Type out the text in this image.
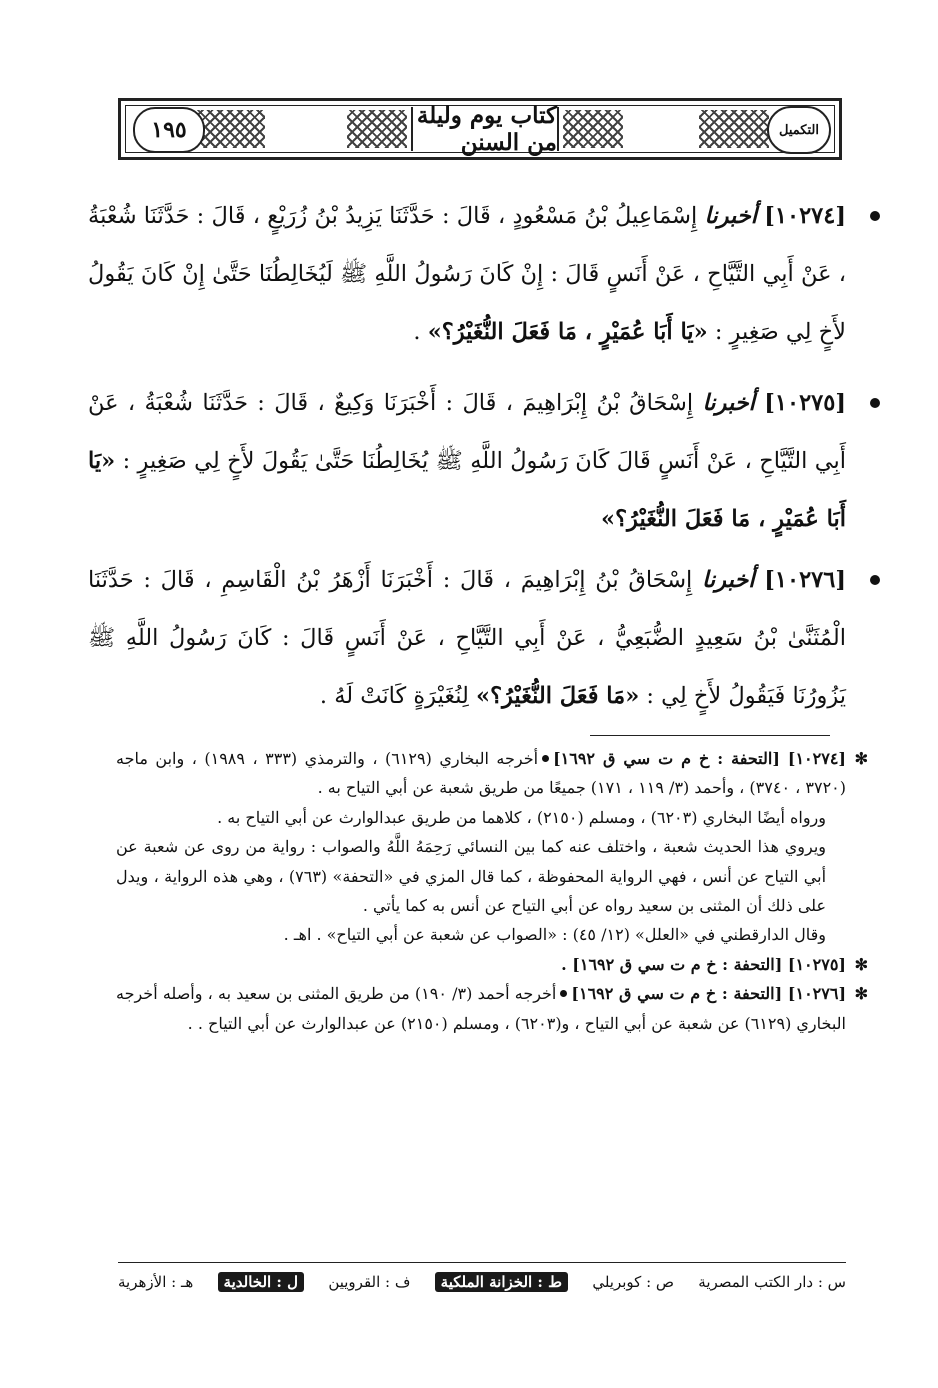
كتاب يوم وليلة من السنن
١٩٥	التكميل
[١٠٢٧٤] أخبرنا إِسْمَاعِيلُ بْنُ مَسْعُودٍ ، قَالَ : حَدَّثَنَا يَزِيدُ بْنُ زُرَيْعٍ ، قَالَ : حَدَّثَنَا شُعْبَةُ ، عَنْ أَبِي التَّيَّاحِ ، عَنْ أَنَسٍ قَالَ : إِنْ كَانَ رَسُولُ اللَّهِ ﷺ لَيُخَالِطُنَا حَتَّىٰ إِنْ كَانَ يَقُولُ لأَخٍ لِي صَغِيرٍ : «يَا أَبَا عُمَيْرٍ ، مَا فَعَلَ النُّغَيْرُ؟» .
[١٠٢٧٥] أخبرنا إِسْحَاقُ بْنُ إِبْرَاهِيمَ ، قَالَ : أَخْبَرَنَا وَكِيعٌ ، قَالَ : حَدَّثَنَا شُعْبَةُ ، عَنْ أَبِي التَّيَّاحِ ، عَنْ أَنَسٍ قَالَ كَانَ رَسُولُ اللَّهِ ﷺ يُخَالِطُنَا حَتَّىٰ يَقُولَ لأَخٍ لِي صَغِيرٍ : «يَا أَبَا عُمَيْرٍ ، مَا فَعَلَ النُّغَيْرُ؟»
[١٠٢٧٦] أخبرنا إِسْحَاقُ بْنُ إِبْرَاهِيمَ ، قَالَ : أَخْبَرَنَا أَزْهَرُ بْنُ الْقَاسِمِ ، قَالَ : حَدَّثَنَا الْمُثَنَّىٰ بْنُ سَعِيدٍ الضُّبَعِيُّ ، عَنْ أَبِي التَّيَّاحِ ، عَنْ أَنَسٍ قَالَ : كَانَ رَسُولُ اللَّهِ ﷺ يَزُورُنَا فَيَقُولُ لأَخٍ لِي : «مَا فَعَلَ النُّغَيْرُ؟» لِنُغَيْرَةٍ كَانَتْ لَهُ .
✻

[١٠٢٧٤] [التحفة : خ م ت سي ق ١٦٩٢]أخرجه البخاري (٦١٢٩) ، والترمذي (٣٣٣ ، ١٩٨٩) ، وابن ماجه (٣٧٢٠ ، ٣٧٤٠) ، وأحمد (٣/ ١١٩ ، ١٧١) جميعًا من طريق شعبة عن أبي التياح به .

ورواه أيضًا البخاري (٦٢٠٣) ، ومسلم (٢١٥٠) ، كلاهما من طريق عبدالوارث عن أبي التياح به .

ويروي هذا الحديث شعبة ، واختلف عنه كما بين النسائي رَحِمَهُ اللَّهُ والصواب : رواية من روى عن شعبة عن أبي التياح عن أنس ، فهي الرواية المحفوظة ، كما قال المزي في «التحفة» (٧٦٣) ، وهي هذه الرواية ، ويدل على ذلك أن المثنى بن سعيد رواه عن أبي التياح عن أنس به كما يأتي .

وقال الدارقطني في «العلل» (١٢/ ٤٥) : «الصواب عن شعبة عن أبي التياح» . اهـ .

✻

[١٠٢٧٥] [التحفة : خ م ت سي ق ١٦٩٢] .

✻

[١٠٢٧٦] [التحفة : خ م ت سي ق ١٦٩٢]أخرجه أحمد (٣/ ١٩٠) من طريق المثنى بن سعيد به ، وأصله أخرجه البخاري (٦١٢٩) عن شعبة عن أبي التياح ، و(٦٢٠٣) ، ومسلم (٢١٥٠) عن عبدالوارث عن أبي التياح . .

س : دار الكتب المصرية
ص : كوبريلي
ط : الخزانة الملكية
ف : القرويين
ل : الخالدية
هـ : الأزهرية
